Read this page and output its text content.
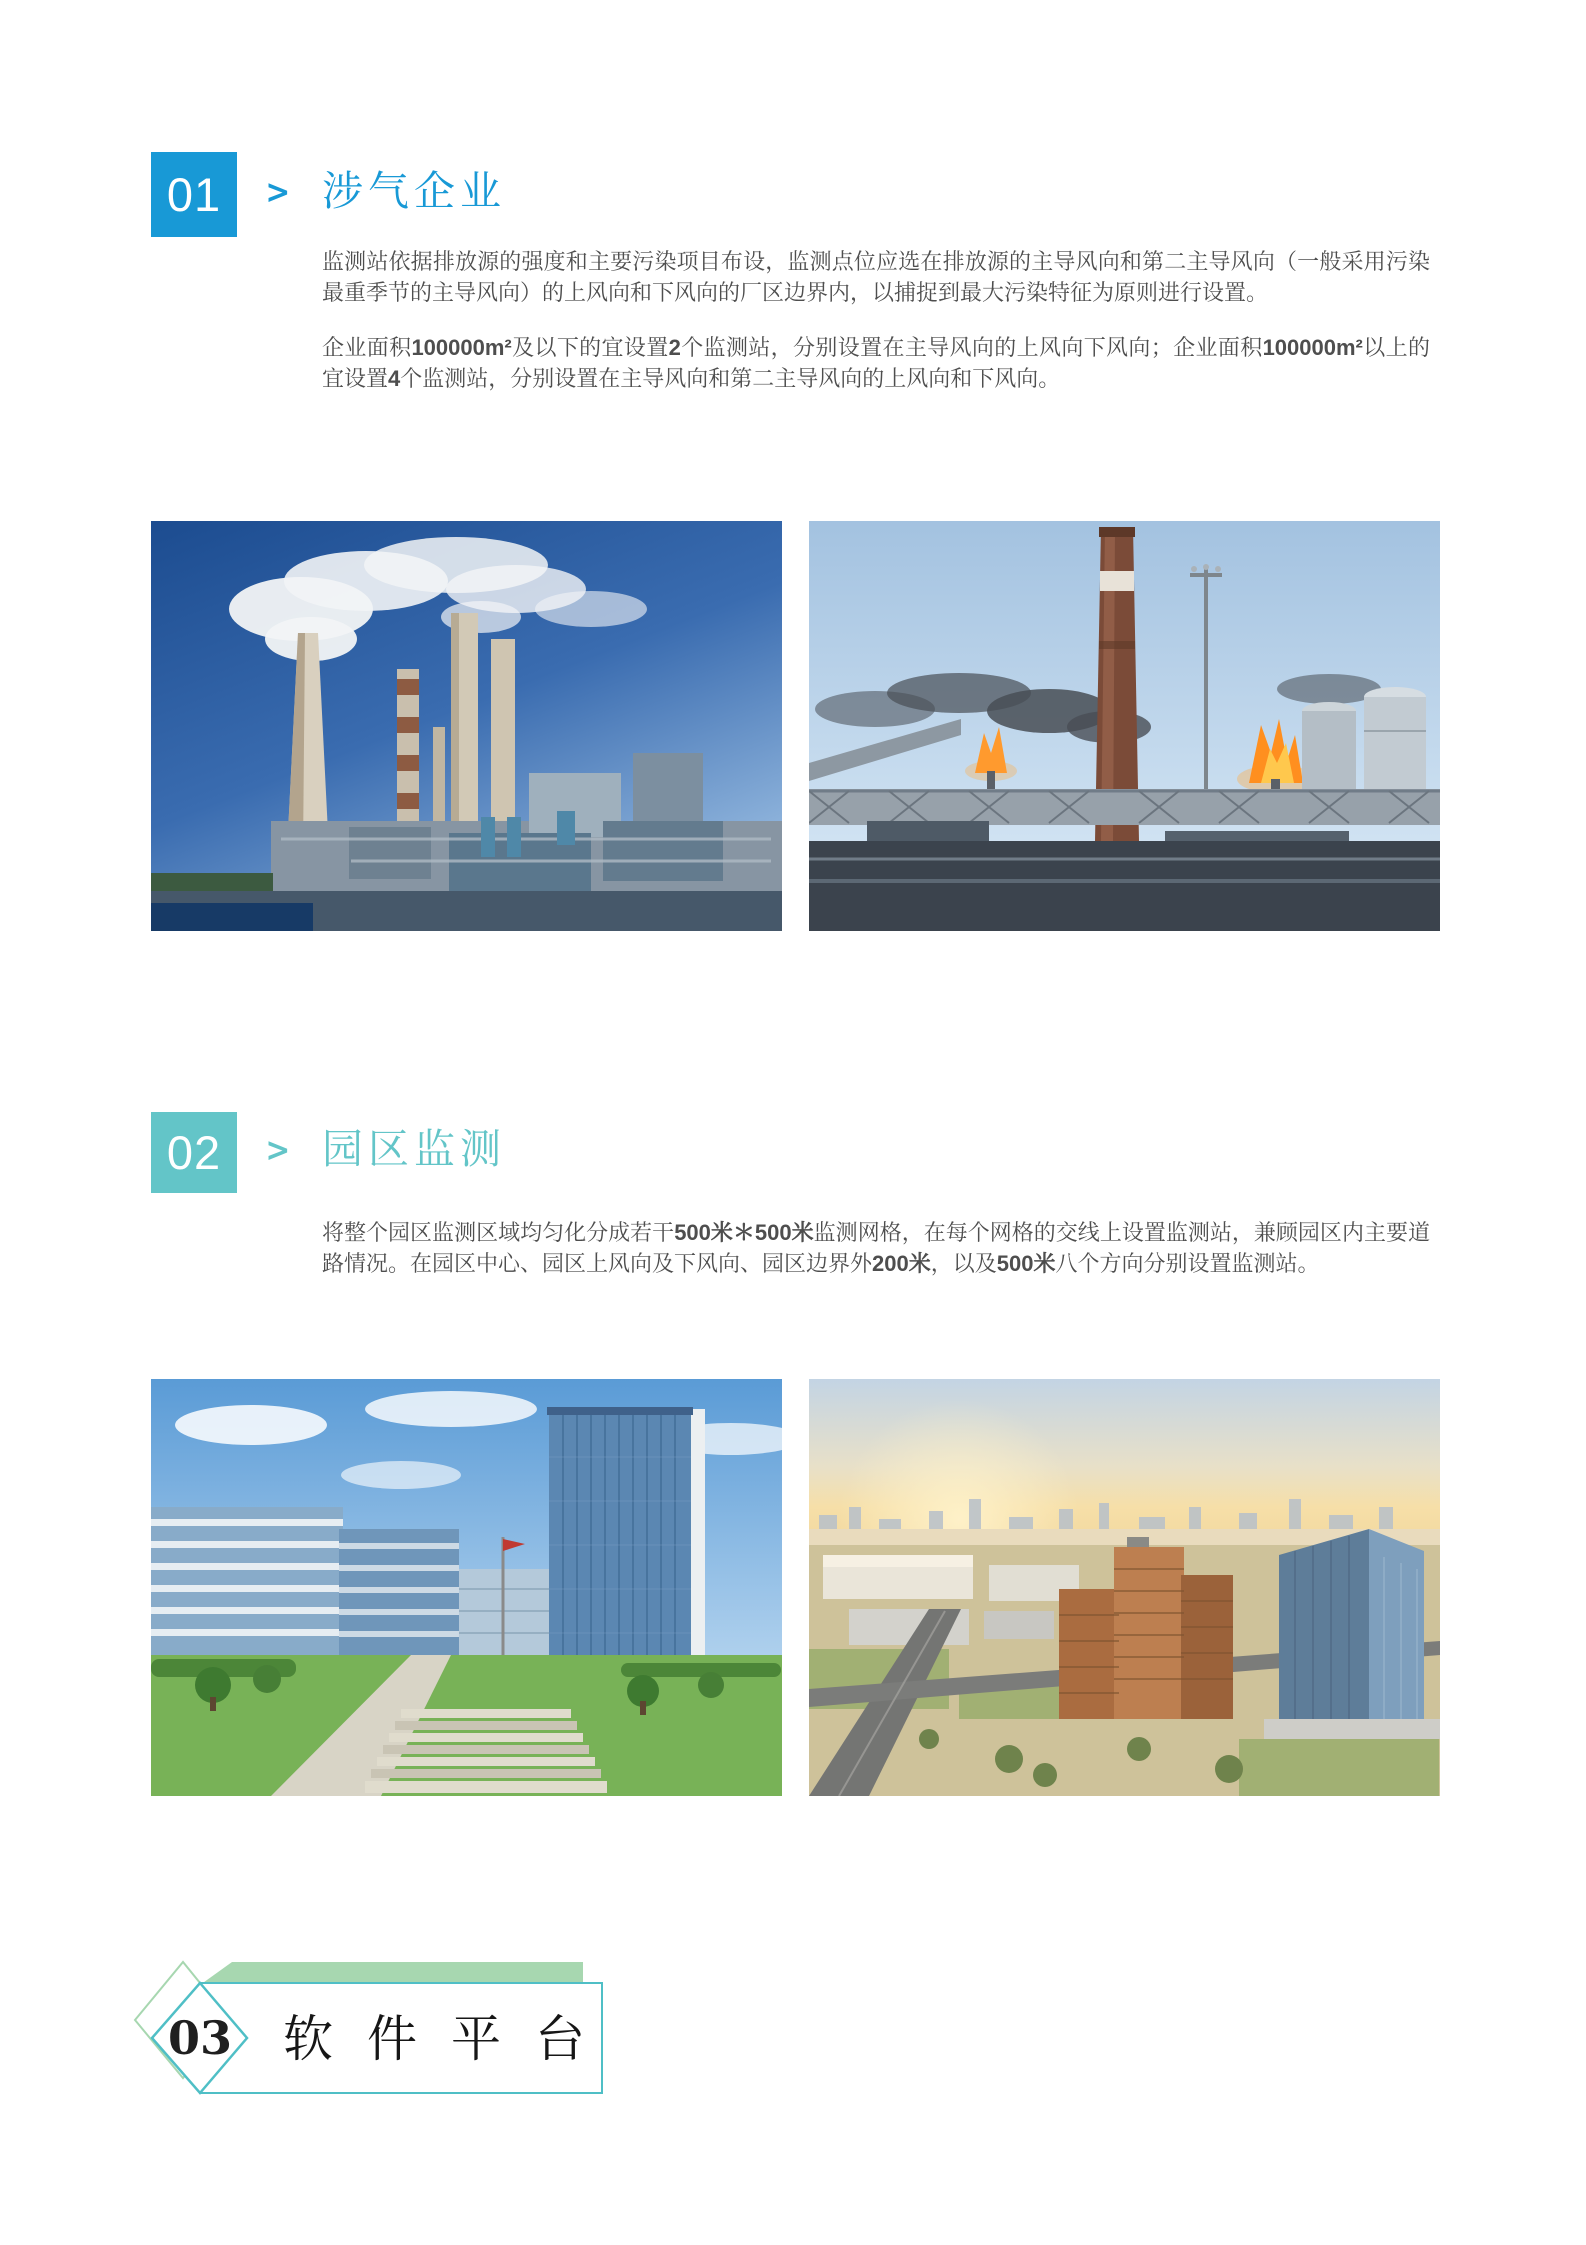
01 > 涉气企业
监测站依据排放源的强度和主要污染项目布设，监测点位应选在排放源的主导风向和第二主导风向（一般采用污染最重季节的主导风向）的上风向和下风向的厂区边界内，以捕捉到最大污染特征为原则进行设置。
企业面积100000m²及以下的宜设置2个监测站，分别设置在主导风向的上风向下风向；企业面积100000m²以上的宜设置4个监测站，分别设置在主导风向和第二主导风向的上风向和下风向。
02 > 园区监测
将整个园区监测区域均匀化分成若干500米＊500米监测网格，在每个网格的交线上设置监测站，兼顾园区内主要道路情况。在园区中心、园区上风向及下风向、园区边界外200米，以及500米八个方向分别设置监测站。
03 软件平台
